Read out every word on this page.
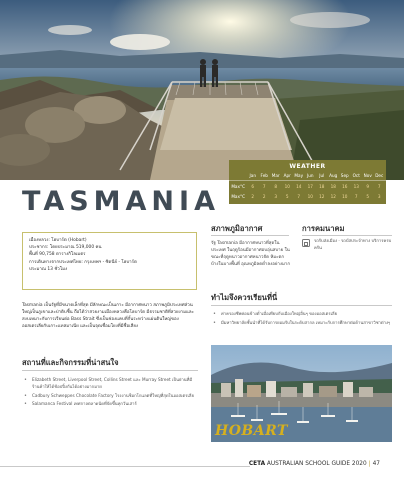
WEATHER
Jan	Feb Mar Apr May Jun	Jul	Aug Sep Oct Nov Dec
Max°C	6	7	8	10	14	17	18	18	16	13	9	7
Max°C	2	2	3	5	7	10	12	12	10	7	5	3
TASMANIA
เมืองหลวง: โฮบาร์ต (Hobart)
ประชากร: โดยประมาณ 519,000 คน
พื้นที่ 90,758 ตารางกิโลเมตร
การเดินทางจากประเทศไทย: กรุงเทพฯ - ซิดนีย์ - โฮบาร์ต
ประมาณ 13 ชั่วโมง
Tasmania เป็นรัฐที่มีขนาดเล็กที่สุด มีลักษณะเป็นเกาะ มีอากาศหนาว สภาพภูมิประเทศส่วนใหญ่เป็นภูเขาและป่าดิบชื้น ถือได้ว่าสวยงามเมืองหลวงคือโฮบาร์ต มีธรรมชาติที่สวยงามและสงบเหมาะกับการเรียนต่อ Bass Strait ซึ่งเป็นช่องแคบที่กั้นระหว่างแผ่นดินใหญ่ของออสเตรเลียกับเกาะแทสมาเนีย และเป็นจุดเชื่อมโยงที่มีชื่อเสียง
สถานที่และกิจกรรมที่น่าสนใจ
• Elizabeth Street, Liverpool Street, Collins Street และ Murray Street เป็นย่านที่มีร้านค้าให้ได้ช้อปปิ้งกันได้อย่างมากมาย
• Cadbury Schweppes Chocolate Factory โรงงานช็อกโกแลตที่ใหญ่ที่สุดในออสเตรเลีย
• Salamanca Festival เทศกาลตลาดนัดที่จัดขึ้นทุกวันเสาร์
สภาพภูมิอากาศ
รัฐ Tasmania มีอากาศหนาวที่สุดในประเทศ ในฤดูร้อนมีอากาศอบอุ่นสบาย ในขณะที่ฤดูหนาวอากาศหนาวจัด หิมะตกบ้างในบางพื้นที่ อุณหภูมิลดต่ำลงอย่างมาก
การคมนาคม
รถรับส่งเมือง · รถบัสประจำทาง บริการครบครัน
ทำไมจึงควรเรียนที่นี่
• ค่าครองชีพค่อนข้างต่ำเมื่อเทียบกับเมืองใหญ่อื่นๆ ของออสเตรเลีย
• มีมหาวิทยาลัยชั้นนำที่ได้รับการยอมรับในระดับสากล เหมาะกับการศึกษาต่อด้านสาขาวิชาต่างๆ
HOBART
CETA AUSTRALIAN SCHOOL GUIDE 2020 | 47
